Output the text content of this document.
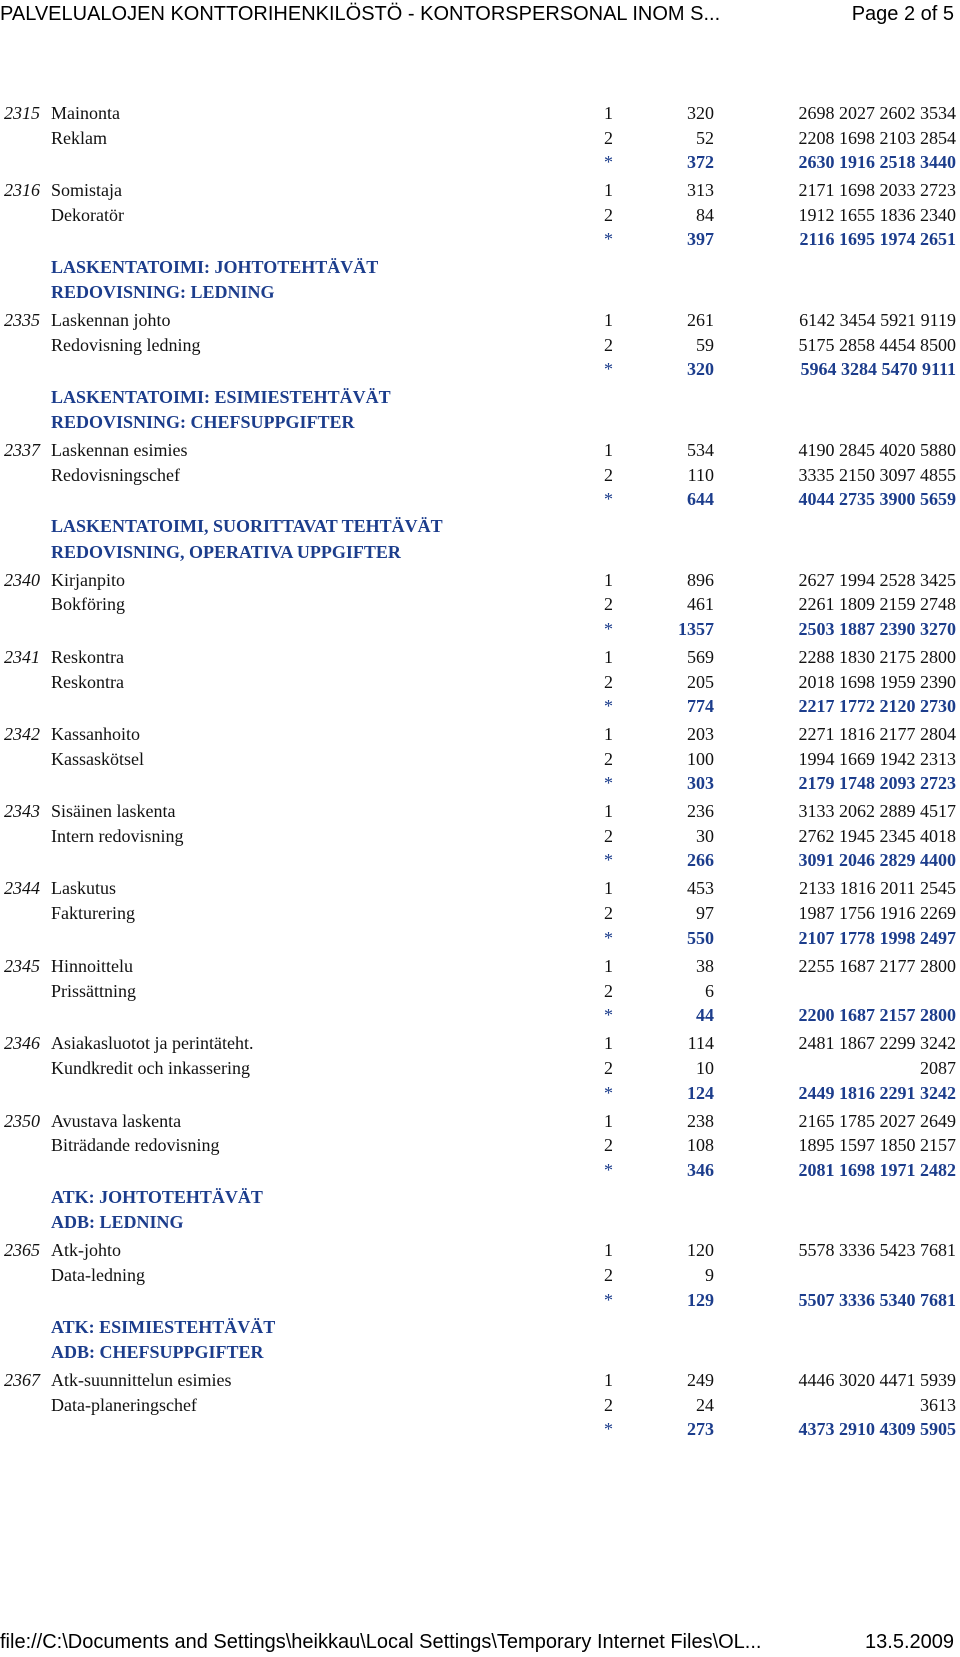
PALVELUALOJEN KONTTORIHENKILÖSTÖ - KONTORSPERSONAL INOM S...	Page 2 of 5
2315 Mainonta	1	320	2698 2027 2602 3534
Reklam	2	52	2208 1698 2103 2854
*	372	2630 1916 2518 3440
2316 Somistaja	1	313	2171 1698 2033 2723
Dekoratör	2	84	1912 1655 1836 2340
*	397	2116 1695 1974 2651
LASKENTATOIMI: JOHTOTEHTÄVÄT
REDOVISNING: LEDNING
2335 Laskennan johto	1	261	6142 3454 5921 9119
Redovisning ledning	2	59	5175 2858 4454 8500
*	320	5964 3284 5470 9111
LASKENTATOIMI: ESIMIESTEHTÄVÄT
REDOVISNING: CHEFSUPPGIFTER
2337 Laskennan esimies	1	534	4190 2845 4020 5880
Redovisningschef	2	110	3335 2150 3097 4855
*	644	4044 2735 3900 5659
LASKENTATOIMI, SUORITTAVAT TEHTÄVÄT
REDOVISNING, OPERATIVA UPPGIFTER
2340 Kirjanpito	1	896	2627 1994 2528 3425
Bokföring	2	461	2261 1809 2159 2748
*	1357	2503 1887 2390 3270
2341 Reskontra	1	569	2288 1830 2175 2800
Reskontra	2	205	2018 1698 1959 2390
*	774	2217 1772 2120 2730
2342 Kassanhoito	1	203	2271 1816 2177 2804
Kassaskötsel	2	100	1994 1669 1942 2313
*	303	2179 1748 2093 2723
2343 Sisäinen laskenta	1	236	3133 2062 2889 4517
Intern redovisning	2	30	2762 1945 2345 4018
*	266	3091 2046 2829 4400
2344 Laskutus	1	453	2133 1816 2011 2545
Fakturering	2	97	1987 1756 1916 2269
*	550	2107 1778 1998 2497
2345 Hinnoittelu	1	38	2255 1687 2177 2800
Prissättning	2	6
*	44	2200 1687 2157 2800
2346 Asiakasluotot ja perintäteht.	1	114	2481 1867 2299 3242
Kundkredit och inkassering	2	10	2087
*	124	2449 1816 2291 3242
2350 Avustava laskenta	1	238	2165 1785 2027 2649
Biträdande redovisning	2	108	1895 1597 1850 2157
*	346	2081 1698 1971 2482
ATK: JOHTOTEHTÄVÄT
ADB: LEDNING
2365 Atk-johto	1	120	5578 3336 5423 7681
Data-ledning	2	9
*	129	5507 3336 5340 7681
ATK: ESIMIESTEHTÄVÄT
ADB: CHEFSUPPGIFTER
2367 Atk-suunnittelun esimies	1	249	4446 3020 4471 5939
Data-planeringschef	2	24	3613
*	273	4373 2910 4309 5905
file://C:\Documents and Settings\heikkau\Local Settings\Temporary Internet Files\OL...	13.5.2009
